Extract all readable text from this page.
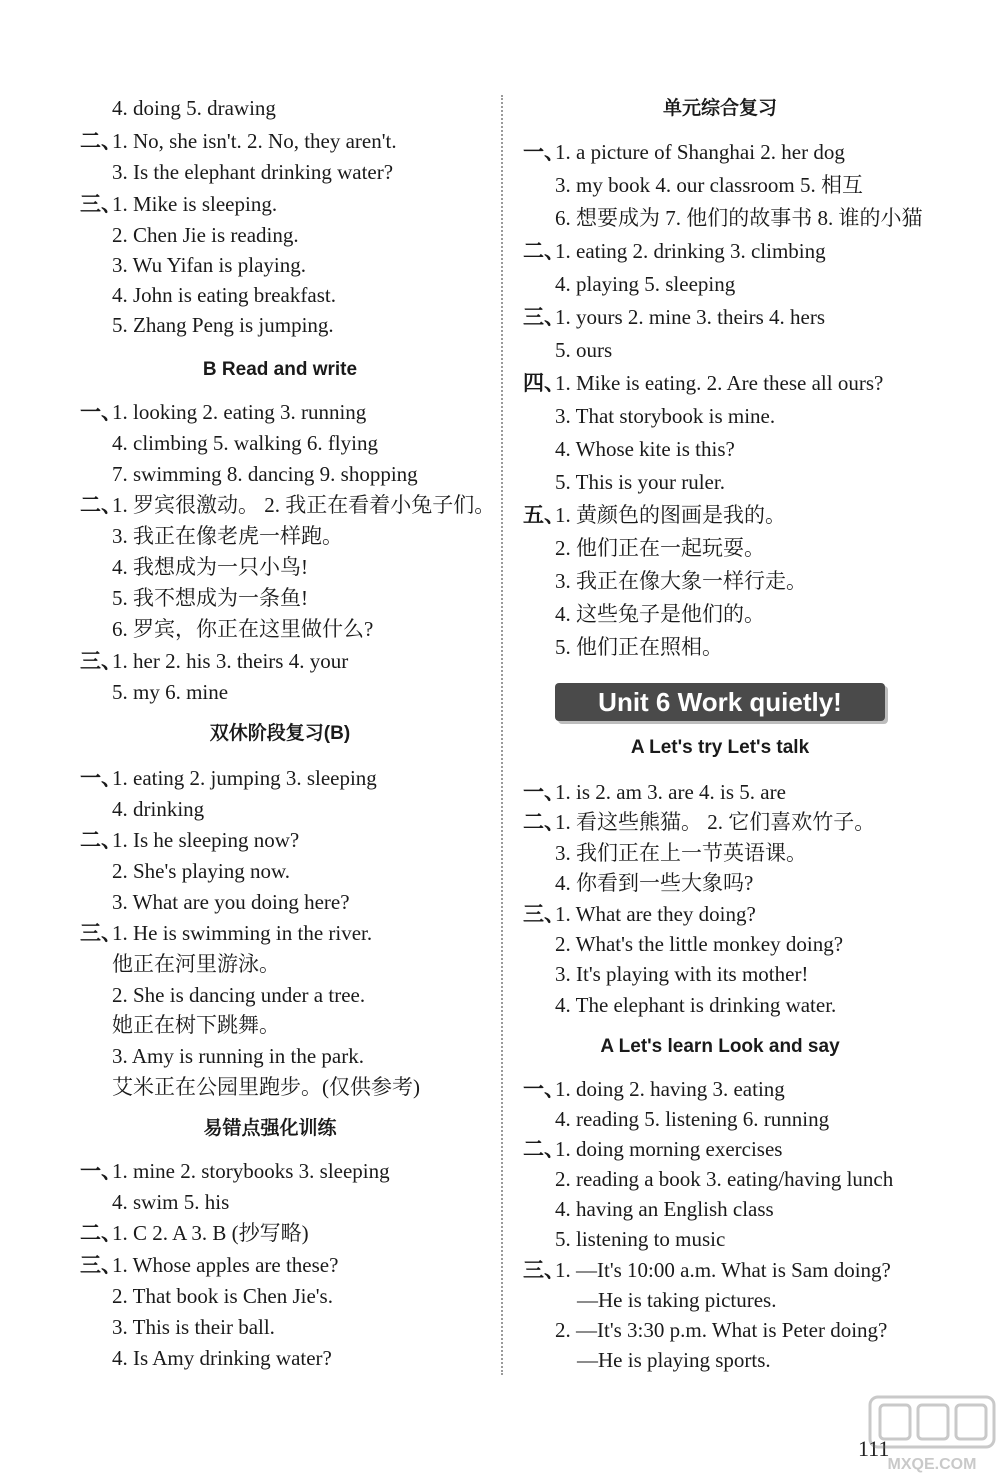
4. doing 5. drawing
二、
1. No, she isn't. 2. No, they aren't.
3. Is the elephant drinking water?
三、
1. Mike is sleeping.
2. Chen Jie is reading.
3. Wu Yifan is playing.
4. John is eating breakfast.
5. Zhang Peng is jumping.
B Read and write
一、
1. looking 2. eating 3. running
4. climbing 5. walking 6. flying
7. swimming 8. dancing 9. shopping
二、
1. 罗宾很激动。 2. 我正在看着小兔子们。
3. 我正在像老虎一样跑。
4. 我想成为一只小鸟!
5. 我不想成为一条鱼!
6. 罗宾，你正在这里做什么?
三、
1. her 2. his 3. theirs 4. your
5. my 6. mine
双休阶段复习(B)
一、
1. eating 2. jumping 3. sleeping
4. drinking
二、
1. Is he sleeping now?
2. She's playing now.
3. What are you doing here?
三、
1. He is swimming in the river.
他正在河里游泳。
2. She is dancing under a tree.
她正在树下跳舞。
3. Amy is running in the park.
艾米正在公园里跑步。(仅供参考)
易错点强化训练
一、
1. mine 2. storybooks 3. sleeping
4. swim 5. his
二、
1. C 2. A 3. B (抄写略)
三、
1. Whose apples are these?
2. That book is Chen Jie's.
3. This is their ball.
4. Is Amy drinking water?
单元综合复习
一、
1. a picture of Shanghai 2. her dog
3. my book 4. our classroom 5. 相互
6. 想要成为 7. 他们的故事书 8. 谁的小猫
二、
1. eating 2. drinking 3. climbing
4. playing 5. sleeping
三、
1. yours 2. mine 3. theirs 4. hers
5. ours
四、
1. Mike is eating. 2. Are these all ours?
3. That storybook is mine.
4. Whose kite is this?
5. This is your ruler.
五、
1. 黄颜色的图画是我的。
2. 他们正在一起玩耍。
3. 我正在像大象一样行走。
4. 这些兔子是他们的。
5. 他们正在照相。
Unit 6 Work quietly!
A Let's try Let's talk
一、
1. is 2. am 3. are 4. is 5. are
二、
1. 看这些熊猫。 2. 它们喜欢竹子。
3. 我们正在上一节英语课。
4. 你看到一些大象吗?
三、
1. What are they doing?
2. What's the little monkey doing?
3. It's playing with its mother!
4. The elephant is drinking water.
A Let's learn Look and say
一、
1. doing 2. having 3. eating
4. reading 5. listening 6. running
二、
1. doing morning exercises
2. reading a book 3. eating/having lunch
4. having an English class
5. listening to music
三、
1. —It's 10:00 a.m. What is Sam doing?
—He is taking pictures.
2. —It's 3:30 p.m. What is Peter doing?
—He is playing sports.
111
MXQE.COM
